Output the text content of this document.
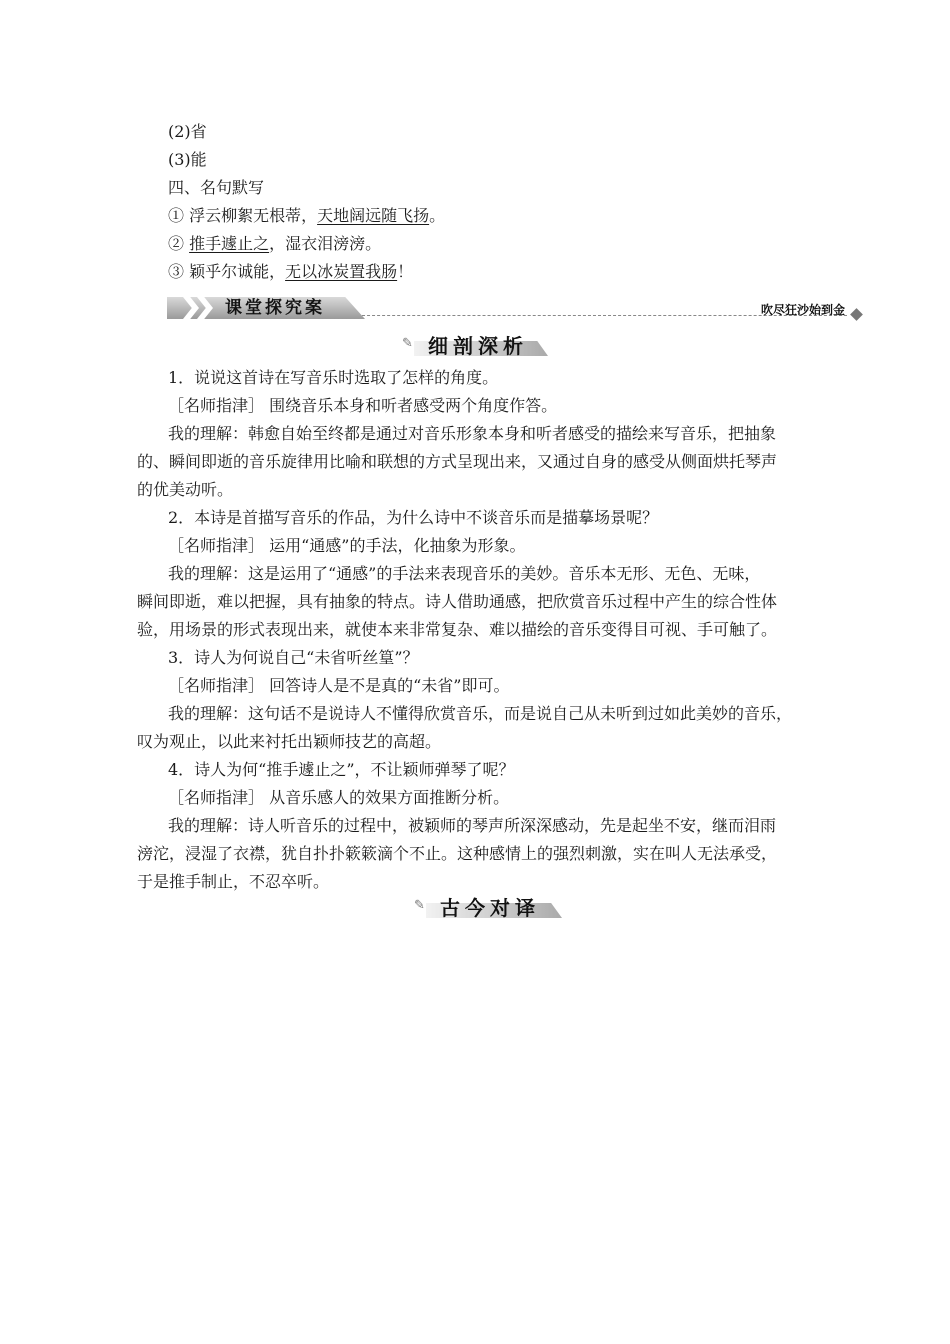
(2)省
(3)能
四、名句默写
① 浮云柳絮无根蒂，天地阔远随飞扬。
② 推手遽止之，湿衣泪滂滂。
③ 颖乎尔诚能，无以冰炭置我肠！
课堂探究案	吹尽狂沙始到金
✎ 细剖深析
1．说说这首诗在写音乐时选取了怎样的角度。
［名师指津］ 围绕音乐本身和听者感受两个角度作答。
我的理解：韩愈自始至终都是通过对音乐形象本身和听者感受的描绘来写音乐，把抽象
的、瞬间即逝的音乐旋律用比喻和联想的方式呈现出来，又通过自身的感受从侧面烘托琴声
的优美动听。
2．本诗是首描写音乐的作品，为什么诗中不谈音乐而是描摹场景呢？
［名师指津］ 运用“通感”的手法，化抽象为形象。
我的理解：这是运用了“通感”的手法来表现音乐的美妙。音乐本无形、无色、无味，
瞬间即逝，难以把握，具有抽象的特点。诗人借助通感，把欣赏音乐过程中产生的综合性体
验，用场景的形式表现出来，就使本来非常复杂、难以描绘的音乐变得目可视、手可触了。
3．诗人为何说自己“未省听丝篁”？
［名师指津］ 回答诗人是不是真的“未省”即可。
我的理解：这句话不是说诗人不懂得欣赏音乐，而是说自己从未听到过如此美妙的音乐，
叹为观止，以此来衬托出颖师技艺的高超。
4．诗人为何“推手遽止之”，不让颖师弹琴了呢？
［名师指津］ 从音乐感人的效果方面推断分析。
我的理解：诗人听音乐的过程中，被颖师的琴声所深深感动，先是起坐不安，继而泪雨
滂沱，浸湿了衣襟，犹自扑扑簌簌滴个不止。这种感情上的强烈刺激，实在叫人无法承受，
于是推手制止，不忍卒听。
✎ 古今对译
